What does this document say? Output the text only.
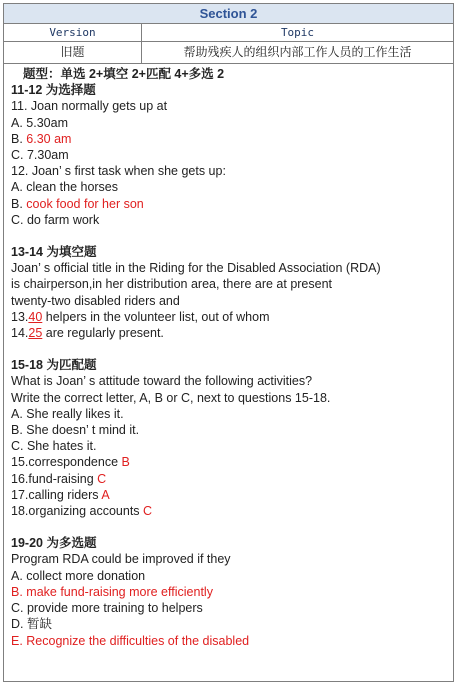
Section 2
Version	Topic
旧题	帮助残疾人的组织内部工作人员的工作生活
题型：单选 2+填空 2+匹配 4+多选 2
11-12 为选择题
11. Joan normally gets up at
A. 5.30am
B. 6.30 am
C. 7.30am
12. Joan’ s first task when she gets up:
A. clean the horses
B. cook food for her son
C. do farm work
13-14 为填空题
Joan’ s official title in the Riding for the Disabled Association (RDA)
is chairperson,in her distribution area, there are at present
twenty-two disabled riders and
13.40 helpers in the volunteer list, out of whom
14.25 are regularly present.
15-18 为匹配题
What is Joan’ s attitude toward the following activities?
Write the correct letter, A, B or C, next to questions 15-18.
A. She really likes it.
B. She doesn’ t mind it.
C. She hates it.
15.correspondence B
16.fund-raising C
17.calling riders A
18.organizing accounts C
19-20 为多选题
Program RDA could be improved if they
A. collect more donation
B. make fund-raising more efficiently
C. provide more training to helpers
D. 暂缺
E. Recognize the difficulties of the disabled
